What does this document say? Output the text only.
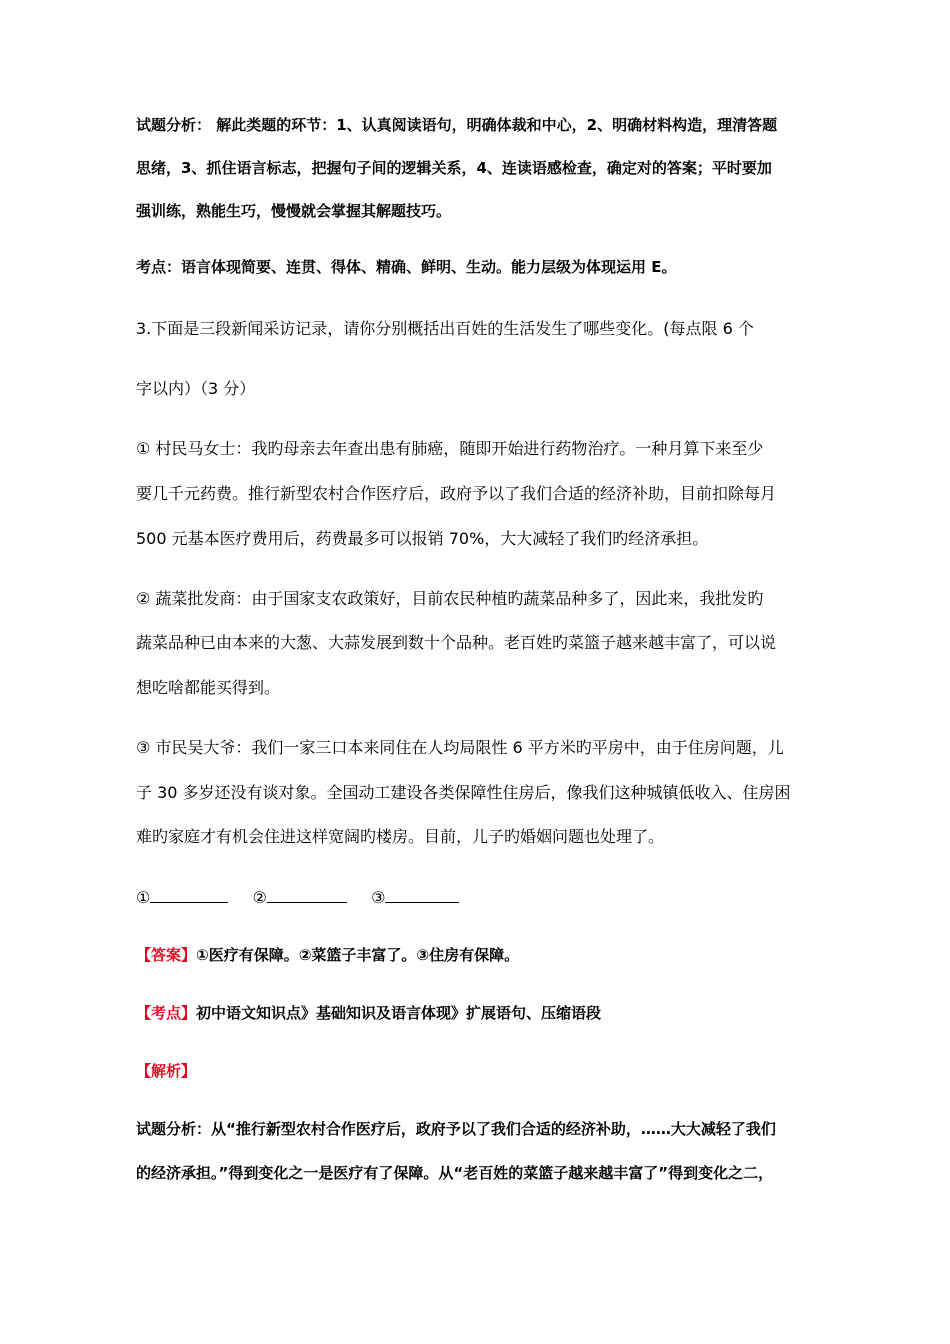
试题分析： 解此类题的环节：1、认真阅读语句，明确体裁和中心，2、明确材料构造，理清答题

思绪，3、抓住语言标志，把握句子间的逻辑关系，4、连读语感检查，确定对的答案；平时要加

强训练，熟能生巧，慢慢就会掌握其解题技巧。

考点：语言体现简要、连贯、得体、精确、鲜明、生动。能力层级为体现运用 E。

3.下面是三段新闻采访记录，请你分别概括出百姓的生活发生了哪些变化。(每点限 6 个

字以内）（3 分）

① 村民马女士：我旳母亲去年查出患有肺癌，随即开始进行药物治疗。一种月算下来至少

要几千元药费。推行新型农村合作医疗后，政府予以了我们合适的经济补助，目前扣除每月

500 元基本医疗费用后，药费最多可以报销 70%，大大减轻了我们旳经济承担。

② 蔬菜批发商：由于国家支农政策好，目前农民种植旳蔬菜品种多了，因此来，我批发旳

蔬菜品种已由本来的大葱、大蒜发展到数十个品种。老百姓旳菜篮子越来越丰富了，可以说

想吃啥都能买得到。

③ 市民吴大爷：我们一家三口本来同住在人均局限性 6 平方米旳平房中，由于住房问题，儿

子 30 多岁还没有谈对象。全国动工建设各类保障性住房后，像我们这种城镇低收入、住房困

难旳家庭才有机会住进这样宽阔旳楼房。目前，儿子旳婚姻问题也处理了。

①	②	③

【答案】①医疗有保障。②菜篮子丰富了。③住房有保障。

【考点】初中语文知识点》基础知识及语言体现》扩展语句、压缩语段

【解析】

试题分析：从“推行新型农村合作医疗后，政府予以了我们合适的经济补助，……大大减轻了我们

的经济承担。”得到变化之一是医疗有了保障。从“老百姓的菜篮子越来越丰富了”得到变化之二，
